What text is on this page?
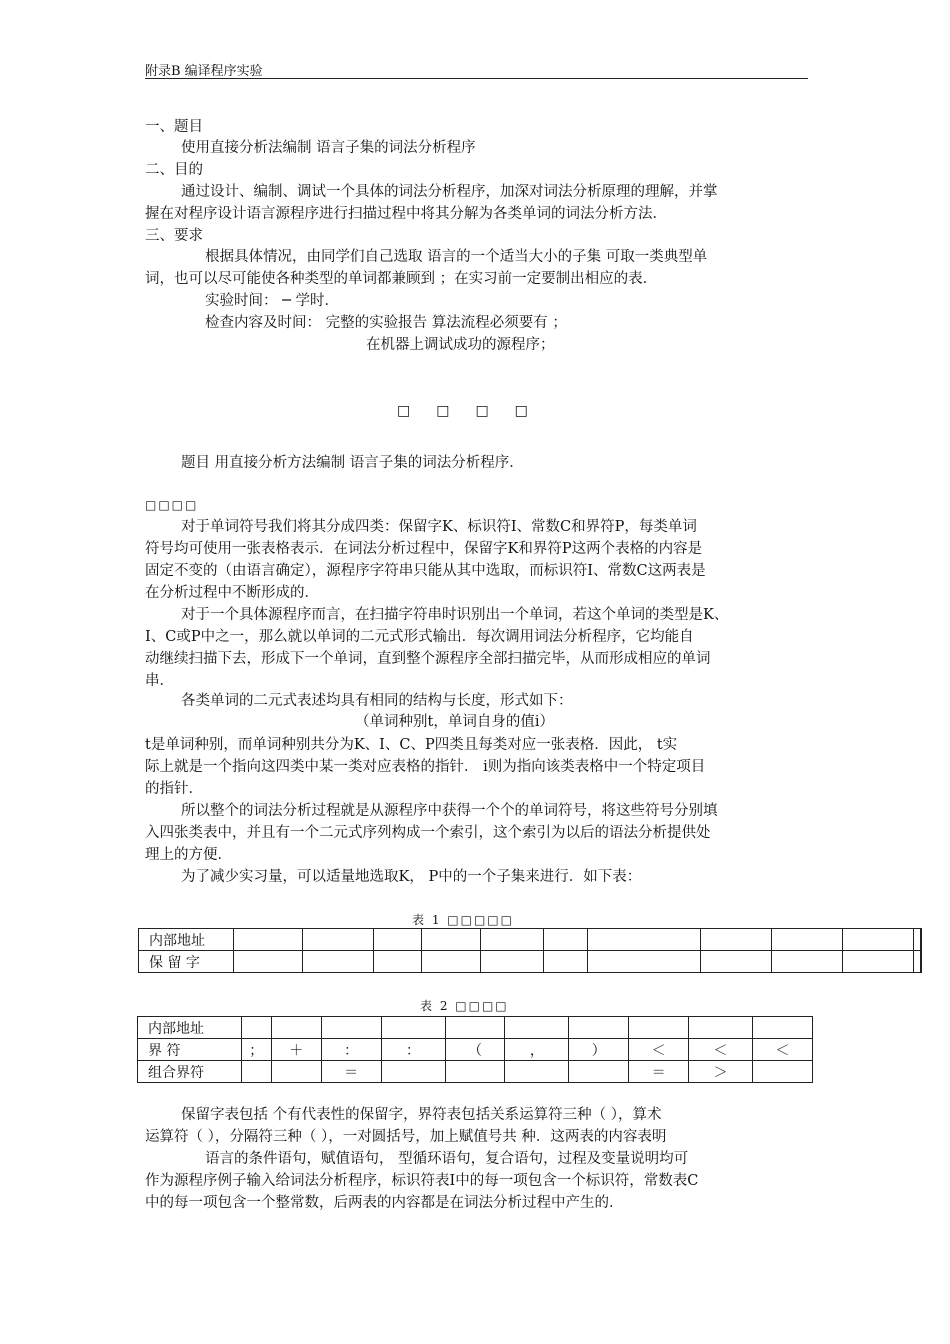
附录B 编译程序实验
一、题目
使用直接分析法编制 语言子集的词法分析程序
二、目的
通过设计、编制、调试一个具体的词法分析程序，加深对词法分析原理的理解，并掌
握在对程序设计语言源程序进行扫描过程中将其分解为各类单词的词法分析方法．
三、要求
根据具体情况，由同学们自己选取 语言的一个适当大小的子集 可取一类典型单
词，也可以尽可能使各种类型的单词都兼顾到 ；在实习前一定要制出相应的表．
实验时间： ─ 学时．
检查内容及时间： 完整的实验报告 算法流程必须要有 ；
在机器上调试成功的源程序；
□□□□
题目 用直接分析方法编制 语言子集的词法分析程序．
□□□□
对于单词符号我们将其分成四类：保留字K、标识符I、常数C和界符P，每类单词
符号均可使用一张表格表示．在词法分析过程中，保留字K和界符P这两个表格的内容是
固定不变的（由语言确定），源程序字符串只能从其中选取，而标识符I、常数C这两表是
在分析过程中不断形成的．
对于一个具体源程序而言，在扫描字符串时识别出一个单词，若这个单词的类型是K、
I、C或P中之一，那么就以单词的二元式形式输出．每次调用词法分析程序，它均能自
动继续扫描下去，形成下一个单词，直到整个源程序全部扫描完毕，从而形成相应的单词
串．
各类单词的二元式表述均具有相同的结构与长度，形式如下：
（单词种别t，单词自身的值i）
t是单词种别，而单词种别共分为K、I、C、P四类且每类对应一张表格．因此， t实
际上就是一个指向这四类中某一类对应表格的指针． i则为指向该类表格中一个特定项目
的指针．
所以整个的词法分析过程就是从源程序中获得一个个的单词符号，将这些符号分别填
入四张类表中，并且有一个二元式序列构成一个索引，这个索引为以后的语法分析提供处
理上的方便．
为了减少实习量，可以适量地选取K， P中的一个子集来进行．如下表：
表 1 □□□□□
内部地址											
保 留 字											
表 2 □□□□
内部地址										
界 符	；	＋	：	：	（	，	）	＜	＜	＜
组合界符			＝					＝	＞	
保留字表包括 个有代表性的保留字，界符表包括关系运算符三种（ ），算术
运算符（ ），分隔符三种（ ），一对圆括号，加上赋值号共 种．这两表的内容表明
语言的条件语句，赋值语句， 型循环语句，复合语句，过程及变量说明均可
作为源程序例子输入给词法分析程序，标识符表I中的每一项包含一个标识符，常数表C
中的每一项包含一个整常数，后两表的内容都是在词法分析过程中产生的．
